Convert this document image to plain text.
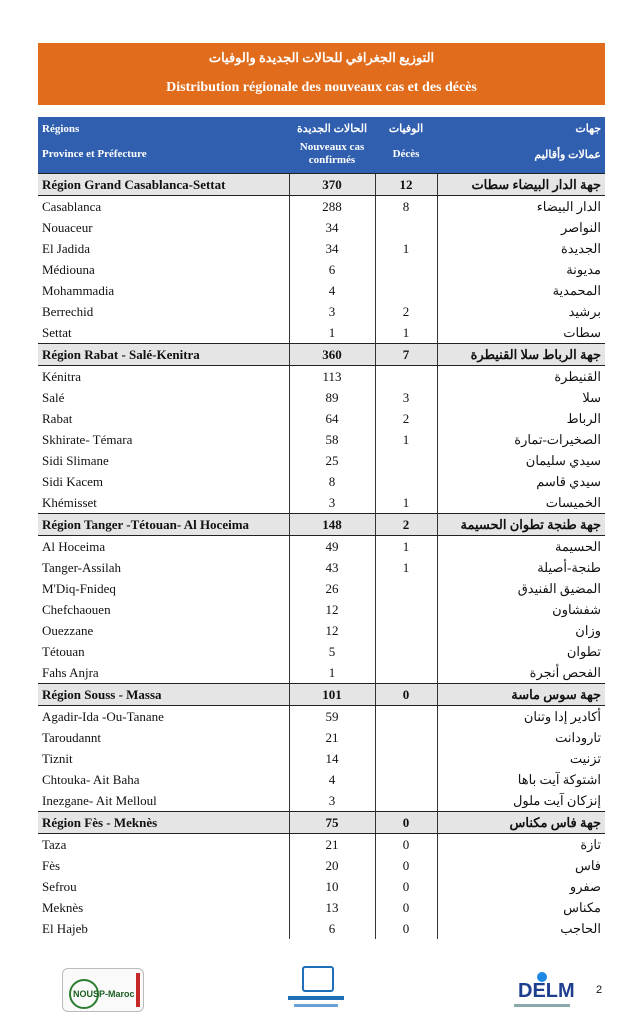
التوزيع الجغرافي للحالات الجديدة والوفيات
Distribution régionale des nouveaux cas et des décès
Régions	الحالات الجديدة	الوفيات	جهات
Province et Préfecture	Nouveaux cas confirmés	Décès	عمالات وأقاليم
Région Grand Casablanca-Settat	370	12	جهة الدار البيضاء سطات
Casablanca	288	8	الدار البيضاء
Nouaceur	34		النواصر
El Jadida	34	1	الجديدة
Médiouna	6		مديونة
Mohammadia	4		المحمدية
Berrechid	3	2	برشيد
Settat	1	1	سطات
Région Rabat - Salé-Kenitra	360	7	جهة الرباط سلا القنيطرة
Kénitra	113		القنيطرة
Salé	89	3	سلا
Rabat	64	2	الرباط
Skhirate- Témara	58	1	الصخيرات-تمارة
Sidi Slimane	25		سيدي سليمان
Sidi Kacem	8		سيدي قاسم
Khémisset	3	1	الخميسات
Région Tanger -Tétouan- Al Hoceima	148	2	جهة طنجة تطوان الحسيمة
Al Hoceima	49	1	الحسيمة
Tanger-Assilah	43	1	طنجة-أصيلة
M'Diq-Fnideq	26		المضيق الفنيدق
Chefchaouen	12		شفشاون
Ouezzane	12		وزان
Tétouan	5		تطوان
Fahs Anjra	1		الفحص أنجرة
Région Souss - Massa	101	0	جهة سوس ماسة
Agadir-Ida -Ou-Tanane	59		أكادير إدا وتنان
Taroudannt	21		تارودانت
Tiznit	14		تزنيت
Chtouka- Ait Baha	4		اشتوكة آيت باها
Inezgane- Ait Melloul	3		إنزكان آيت ملول
Région Fès - Meknès	75	0	جهة فاس مكناس
Taza	21	0	تازة
Fès	20	0	فاس
Sefrou	10	0	صفرو
Meknès	13	0	مكناس
El Hajeb	6	0	الحاجب
NOUSP-Maroc	DELM 2
